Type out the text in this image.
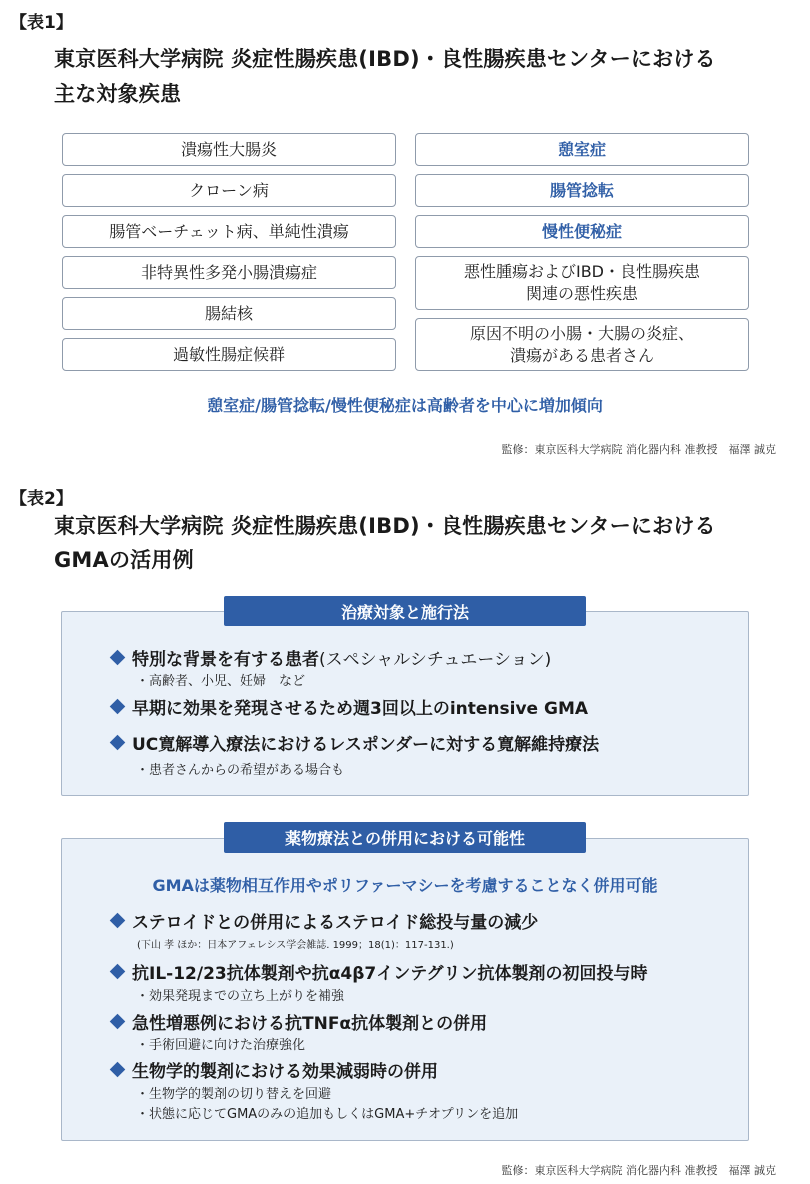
【表1】
東京医科大学病院 炎症性腸疾患(IBD)・良性腸疾患センターにおける
主な対象疾患
潰瘍性大腸炎
クローン病
腸管ベーチェット病、単純性潰瘍
非特異性多発小腸潰瘍症
腸結核
過敏性腸症候群
憩室症
腸管捻転
慢性便秘症
悪性腫瘍およびIBD・良性腸疾患
関連の悪性疾患
原因不明の小腸・大腸の炎症、
潰瘍がある患者さん
憩室症/腸管捻転/慢性便秘症は高齢者を中心に増加傾向
監修：東京医科大学病院 消化器内科 准教授　福澤 誠克
【表2】
東京医科大学病院 炎症性腸疾患(IBD)・良性腸疾患センターにおける
GMAの活用例
治療対象と施行法
特別な背景を有する患者(スペシャルシチュエーション)
・高齢者、小児、妊婦　など
早期に効果を発現させるため週3回以上のintensive GMA
UC寛解導入療法におけるレスポンダーに対する寛解維持療法
・患者さんからの希望がある場合も
薬物療法との併用における可能性
GMAは薬物相互作用やポリファーマシーを考慮することなく併用可能
ステロイドとの併用によるステロイド総投与量の減少
(下山 孝 ほか：日本アフェレシス学会雑誌. 1999；18(1)：117-131.)
抗IL-12/23抗体製剤や抗α4β7インテグリン抗体製剤の初回投与時
・効果発現までの立ち上がりを補強
急性増悪例における抗TNFα抗体製剤との併用
・手術回避に向けた治療強化
生物学的製剤における効果減弱時の併用
・生物学的製剤の切り替えを回避
・状態に応じてGMAのみの追加もしくはGMA+チオプリンを追加
監修：東京医科大学病院 消化器内科 准教授　福澤 誠克
